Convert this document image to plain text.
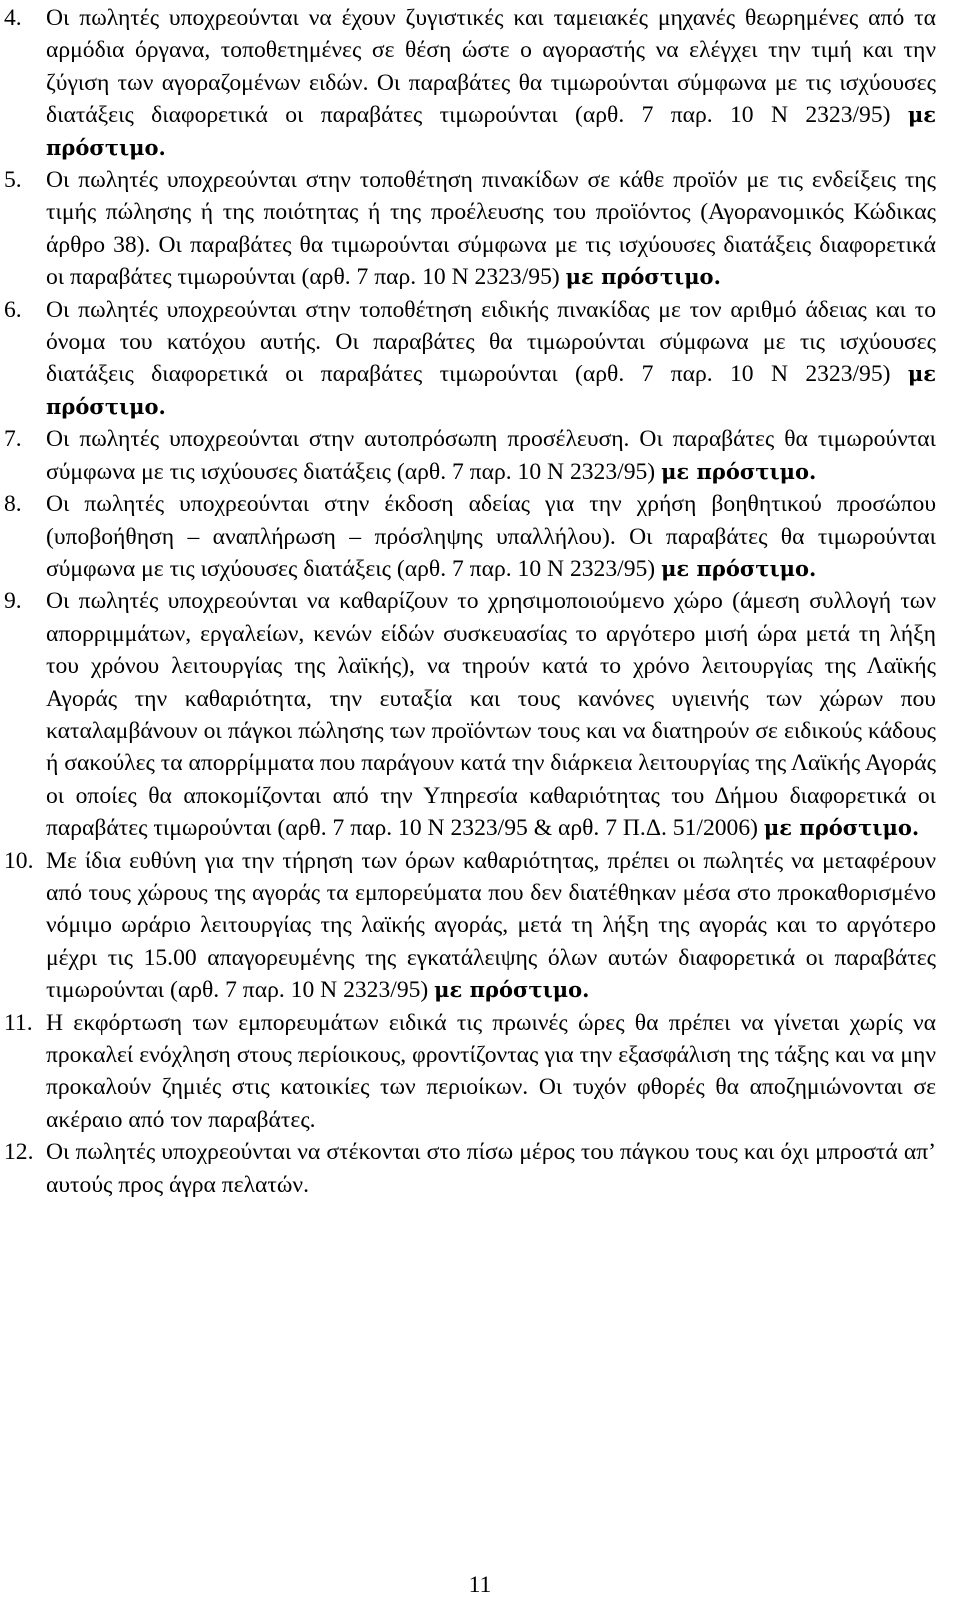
4. Οι πωλητές υποχρεούνται να έχουν ζυγιστικές και ταμειακές μηχανές θεωρημένες από τα αρμόδια όργανα, τοποθετημένες σε θέση ώστε ο αγοραστής να ελέγχει την τιμή και την ζύγιση των αγοραζομένων ειδών. Οι παραβάτες θα τιμωρούνται σύμφωνα με τις ισχύουσες διατάξεις διαφορετικά οι παραβάτες τιμωρούνται (αρθ. 7 παρ. 10 Ν 2323/95) με πρόστιμο.
5. Οι πωλητές υποχρεούνται στην τοποθέτηση πινακίδων σε κάθε προϊόν με τις ενδείξεις της τιμής πώλησης ή της ποιότητας ή της προέλευσης του προϊόντος (Αγορανομικός Κώδικας άρθρο 38). Οι παραβάτες θα τιμωρούνται σύμφωνα με τις ισχύουσες διατάξεις διαφορετικά οι παραβάτες τιμωρούνται (αρθ. 7 παρ. 10 Ν 2323/95) με πρόστιμο.
6. Οι πωλητές υποχρεούνται στην τοποθέτηση ειδικής πινακίδας με τον αριθμό άδειας και το όνομα του κατόχου αυτής. Οι παραβάτες θα τιμωρούνται σύμφωνα με τις ισχύουσες διατάξεις διαφορετικά οι παραβάτες τιμωρούνται (αρθ. 7 παρ. 10 Ν 2323/95) με πρόστιμο.
7. Οι πωλητές υποχρεούνται στην αυτοπρόσωπη προσέλευση. Οι παραβάτες θα τιμωρούνται σύμφωνα με τις ισχύουσες διατάξεις (αρθ. 7 παρ. 10 Ν 2323/95) με πρόστιμο.
8. Οι πωλητές υποχρεούνται στην έκδοση αδείας για την χρήση βοηθητικού προσώπου (υποβοήθηση – αναπλήρωση – πρόσληψης υπαλλήλου). Οι παραβάτες θα τιμωρούνται σύμφωνα με τις ισχύουσες διατάξεις (αρθ. 7 παρ. 10 Ν 2323/95) με πρόστιμο.
9. Οι πωλητές υποχρεούνται να καθαρίζουν το χρησιμοποιούμενο χώρο (άμεση συλλογή των απορριμμάτων, εργαλείων, κενών είδών συσκευασίας το αργότερο μισή ώρα μετά τη λήξη του χρόνου λειτουργίας της λαϊκής), να τηρούν κατά το χρόνο λειτουργίας της Λαϊκής Αγοράς την καθαριότητα, την ευταξία και τους κανόνες υγιεινής των χώρων που καταλαμβάνουν οι πάγκοι πώλησης των προϊόντων τους και να διατηρούν σε ειδικούς κάδους ή σακούλες τα απορρίμματα που παράγουν κατά την διάρκεια λειτουργίας της Λαϊκής Αγοράς οι οποίες θα αποκομίζονται από την Υπηρεσία καθαριότητας του Δήμου διαφορετικά οι παραβάτες τιμωρούνται (αρθ. 7 παρ. 10 Ν 2323/95 & αρθ. 7 Π.Δ. 51/2006) με πρόστιμο.
10. Με ίδια ευθύνη για την τήρηση των όρων καθαριότητας, πρέπει οι πωλητές να μεταφέρουν από τους χώρους της αγοράς τα εμπορεύματα που δεν διατέθηκαν μέσα στο προκαθορισμένο νόμιμο ωράριο λειτουργίας της λαϊκής αγοράς, μετά τη λήξη της αγοράς και το αργότερο μέχρι τις 15.00 απαγορευμένης της εγκατάλειψης όλων αυτών διαφορετικά οι παραβάτες τιμωρούνται (αρθ. 7 παρ. 10 Ν 2323/95) με πρόστιμο.
11. Η εκφόρτωση των εμπορευμάτων ειδικά τις πρωινές ώρες θα πρέπει να γίνεται χωρίς να προκαλεί ενόχληση στους περίοικους, φροντίζοντας για την εξασφάλιση της τάξης και να μην προκαλούν ζημιές στις κατοικίες των περιοίκων. Οι τυχόν φθορές θα αποζημιώνονται σε ακέραιο από τον παραβάτες.
12. Οι πωλητές υποχρεούνται να στέκονται στο πίσω μέρος του πάγκου τους και όχι μπροστά απ’ αυτούς προς άγρα πελατών.
11
